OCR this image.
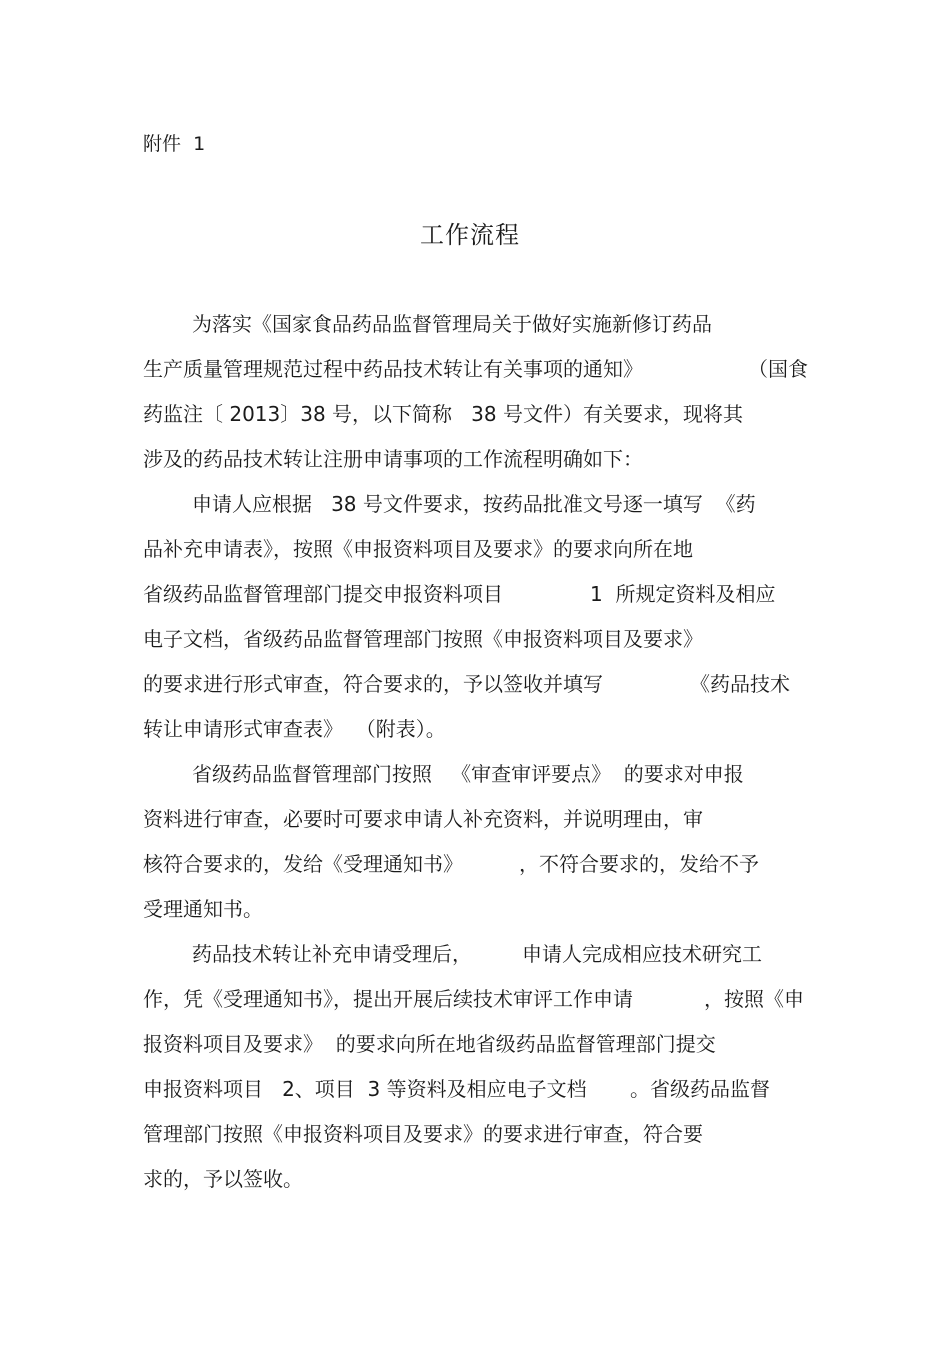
附件  1
工作流程
为落实《国家食品药品监督管理局关于做好实施新修订药品
生产质量管理规范过程中药品技术转让有关事项的通知》	（国食
药监注〔 2013〕38 号，以下简称   38 号文件）有关要求，现将其
涉及的药品技术转让注册申请事项的工作流程明确如下：
申请人应根据   38 号文件要求，按药品批准文号逐一填写  《药
品补充申请表》，按照《申报资料项目及要求》的要求向所在地
省级药品监督管理部门提交申报资料项目	1  所规定资料及相应
电子文档，省级药品监督管理部门按照《申报资料项目及要求》
的要求进行形式审查，符合要求的，予以签收并填写	《药品技术
转让申请形式审查表》  （附表）。
省级药品监督管理部门按照   《审查审评要点》  的要求对申报
资料进行审查，必要时可要求申请人补充资料，并说明理由，审
核符合要求的，发给《受理通知书》	，不符合要求的，发给不予
受理通知书。
药品技术转让补充申请受理后，	申请人完成相应技术研究工
作，凭《受理通知书》，提出开展后续技术审评工作申请	，按照《申
报资料项目及要求》  的要求向所在地省级药品监督管理部门提交
申报资料项目   2、项目  3 等资料及相应电子文档 。省级药品监督
管理部门按照《申报资料项目及要求》的要求进行审查，符合要
求的，予以签收。
